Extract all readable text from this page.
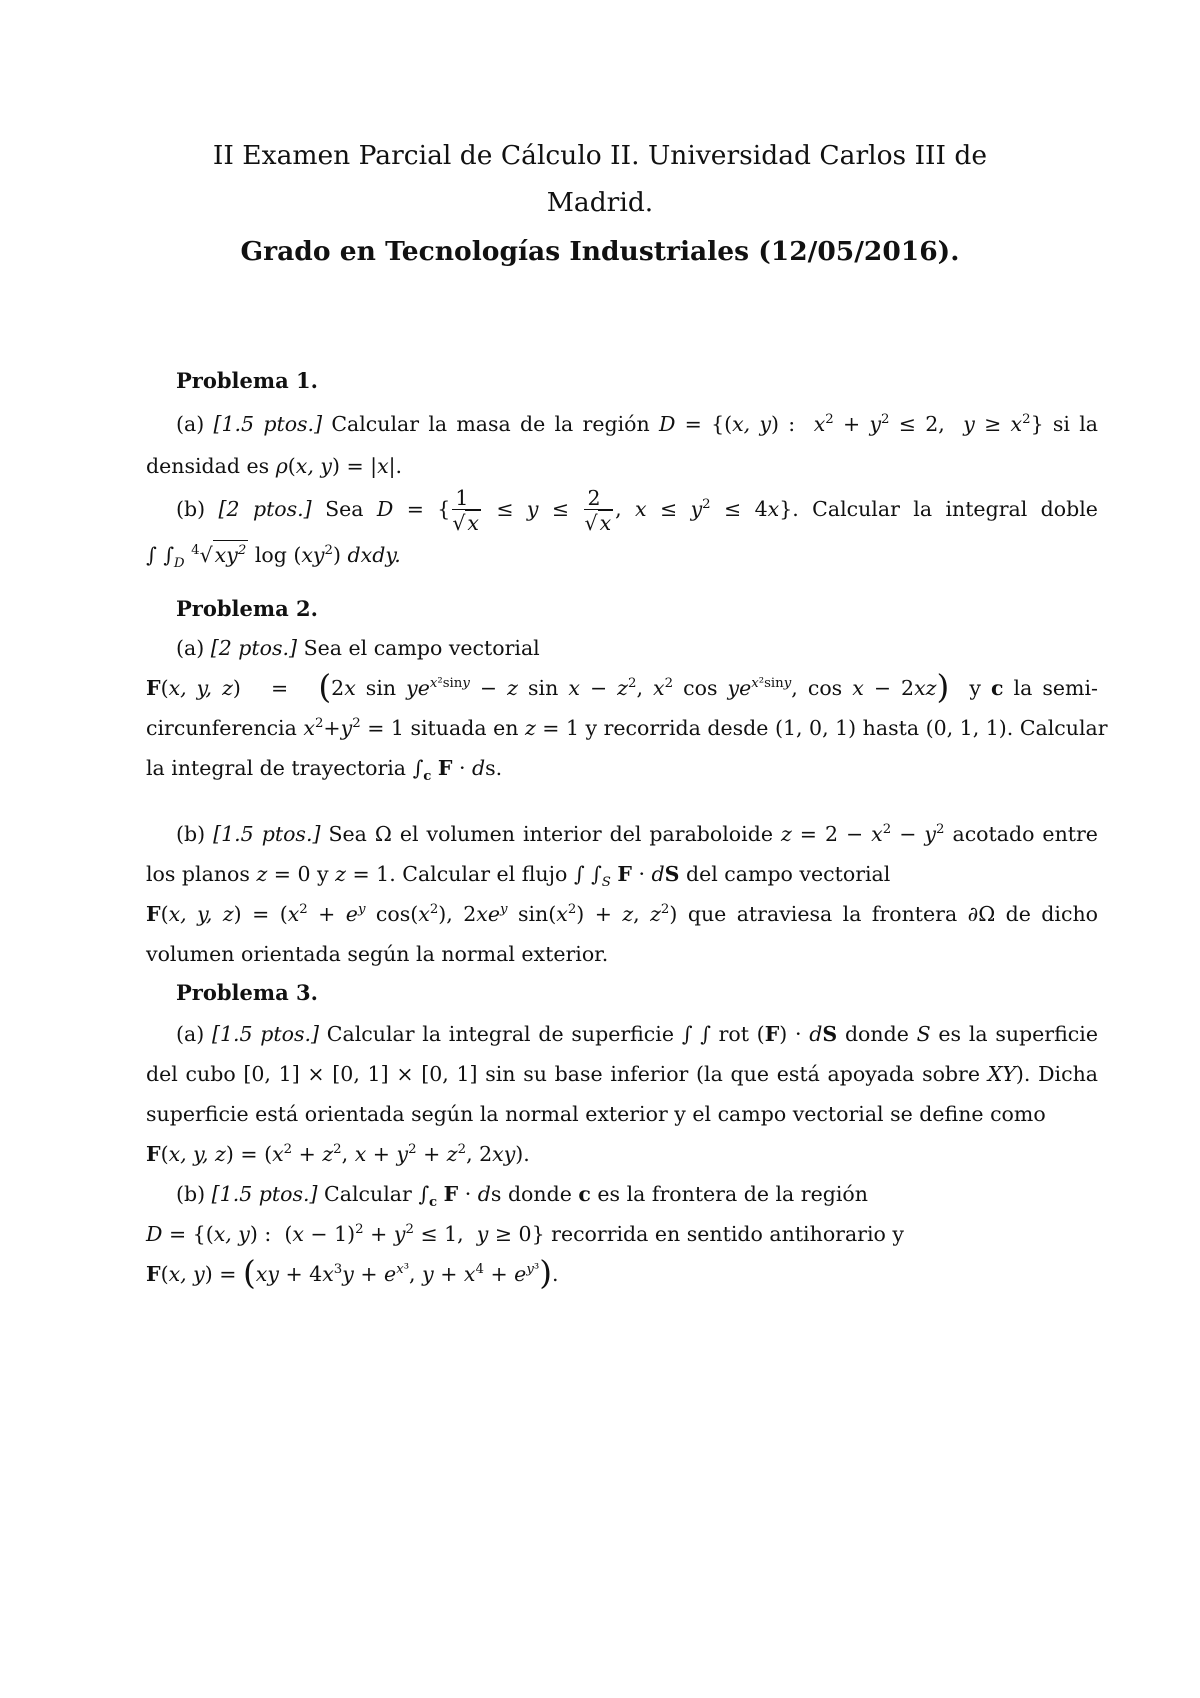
II Examen Parcial de Cálculo II. Universidad Carlos III de
Madrid.
Grado en Tecnologías Industriales (12/05/2016).
Problema 1.
(a) [1.5 ptos.] Calcular la masa de la región D = {(x, y) :  $x^2 + y^2 \le 2$,  $y \ge x^2$} si la
densidad es ρ(x, y) = |x|.
(b) [2 ptos.] Sea D = { $\frac{1}{√x} \le y \le \frac{2}{√x}$ , $x \le y^2 \le 4x$}. Calcular la integral doble
∫ $\int_D$ $^4√xy^2$ $\log (xy^2)$ dxdy.
Problema 2.
(a) [2 ptos.] Sea el campo vectorial
F(x, y, z)   =   (2x $\sin ye^{x^2siny} - z$ $\sin x - z^2$, $x^2$ $\cos ye^{x^2siny}$, cos x − 2xz) y c la semi-
circunferencia $x^2+y^2 = 1$ situada en z = 1 y recorrida desde (1, 0, 1) hasta (0, 1, 1). Calcular
la integral de trayectoria $\int_c$ F · ds.
(b) [1.5 ptos.] Sea Ω el volumen interior del paraboloide $z = 2 - x^2 - y^2$ acotado entre
los planos z = 0 y z = 1. Calcular el flujo ∫ $\int_S$ F · dS del campo vectorial
F(x, y, $z) = (x^2 + e^y$ $\cos(x^2)$, $2xe^y$ $\sin(x^2) + z$, $z^2$) que atraviesa la frontera ∂Ω de dicho
volumen orientada según la normal exterior.
Problema 3.
(a) [1.5 ptos.] Calcular la integral de superficie ∫ ∫ rot (F) · dS donde S es la superficie
del cubo [0, 1] × [0, 1] × [0, 1] sin su base inferior (la que está apoyada sobre XY). Dicha
superficie está orientada según la normal exterior y el campo vectorial se define como
F(x, y, $z) = (x^2 + z^2$, $x + y^2 + z^2$, 2xy).
(b) [1.5 ptos.] Calcular $\int_c$ F · ds donde c es la frontera de la región
D = {(x, y) :  $(x - 1)^2 + y^2 \le 1$,  y ≥ 0} recorrida en sentido antihorario y
F(x, $y) = (xy + 4x^3y + e^{x^3}$, $y + x^4 + e^{y^3}$).
